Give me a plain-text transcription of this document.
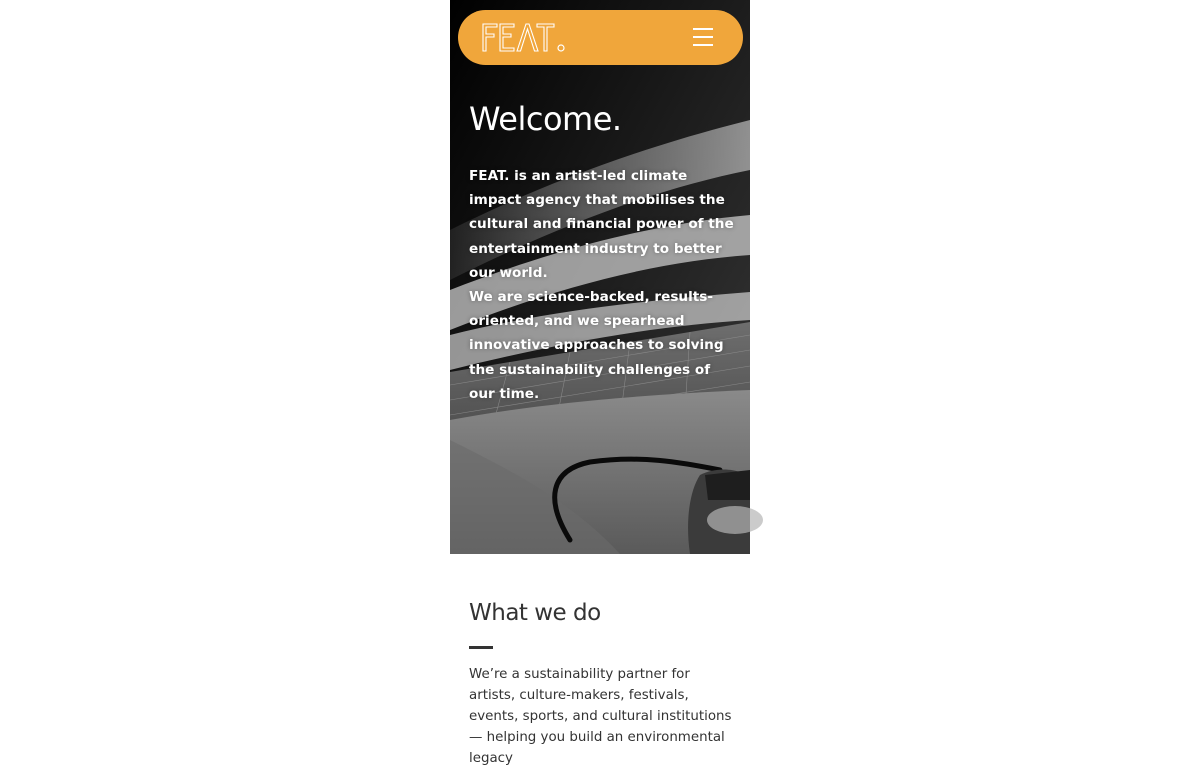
Welcome.

FEAT. is an artist-led climate impact agency that mobilises the cultural and financial power of the entertainment industry to better our world.

We are science-backed, results-oriented, and we spearhead innovative approaches to solving the sustainability challenges of our time.

What we do

We’re a sustainability partner for artists, culture-makers, festivals, events, sports, and cultural institutions — helping you build an environmental legacy
